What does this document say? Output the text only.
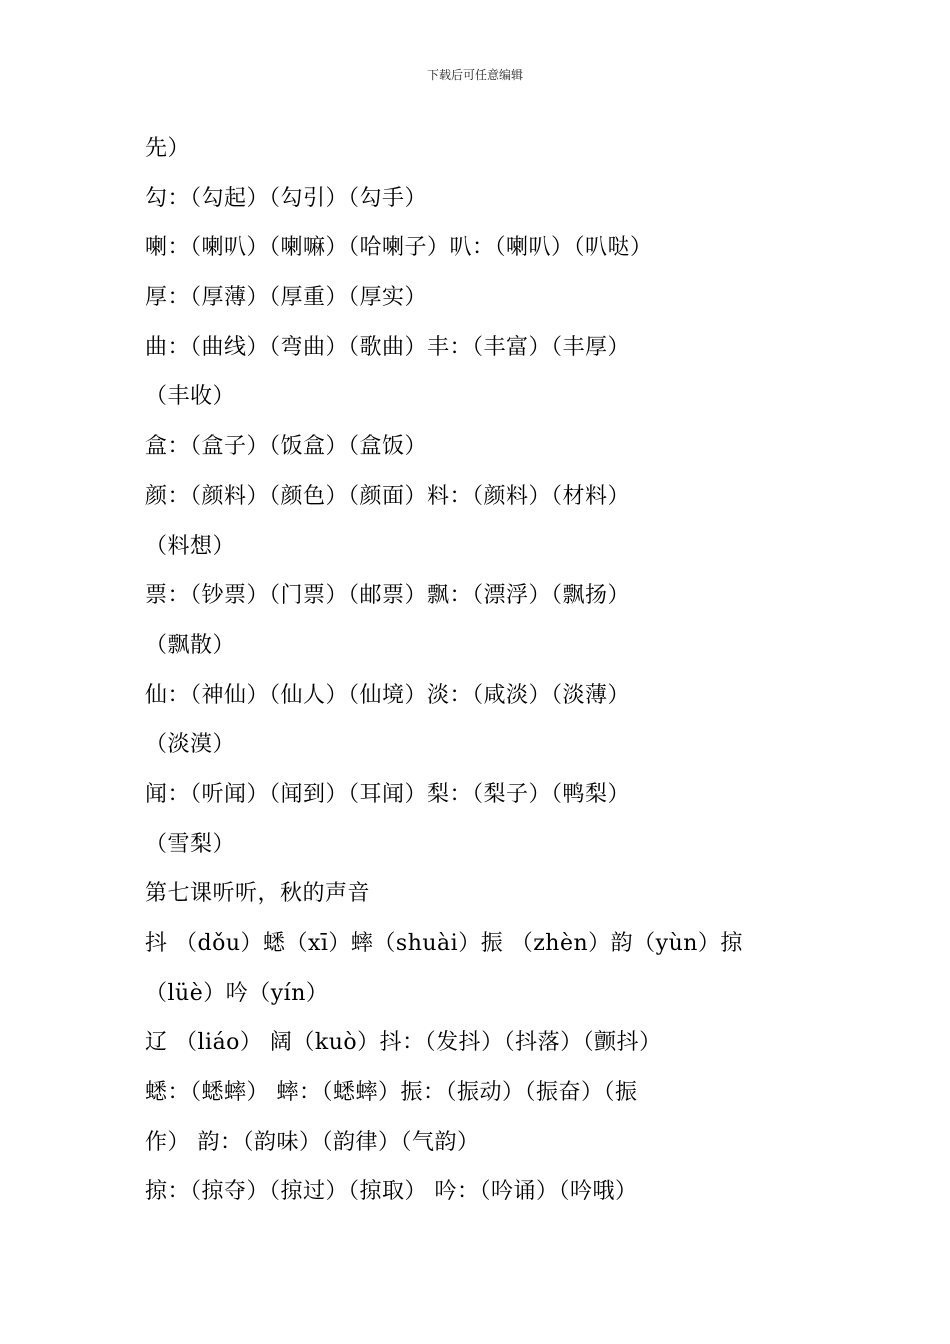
下载后可任意编辑
先）
勾：（勾起）（勾引）（勾手）
喇：（喇叭）（喇嘛）（哈喇子）叭：（喇叭）（叭哒）
厚：（厚薄）（厚重）（厚实）
曲：（曲线）（弯曲）（歌曲）丰：（丰富）（丰厚）
（丰收）
盒：（盒子）（饭盒）（盒饭）
颜：（颜料）（颜色）（颜面）料：（颜料）（材料）
（料想）
票：（钞票）（门票）（邮票）飘：（漂浮）（飘扬）
（飘散）
仙：（神仙）（仙人）（仙境）淡：（咸淡）（淡薄）
（淡漠）
闻：（听闻）（闻到）（耳闻）梨：（梨子）（鸭梨）
（雪梨）
第七课听听，秋的声音
抖 （dǒu）蟋（xī）蟀（shuài）振 （zhèn）韵（yùn）掠
（lüè）吟（yín）
辽 （liáo） 阔（kuò）抖：（发抖）（抖落）（颤抖）
蟋：（蟋蟀） 蟀：（蟋蟀）振：（振动）（振奋）（振
作） 韵：（韵味）（韵律）（气韵）
掠：（掠夺）（掠过）（掠取） 吟：（吟诵）（吟哦）
